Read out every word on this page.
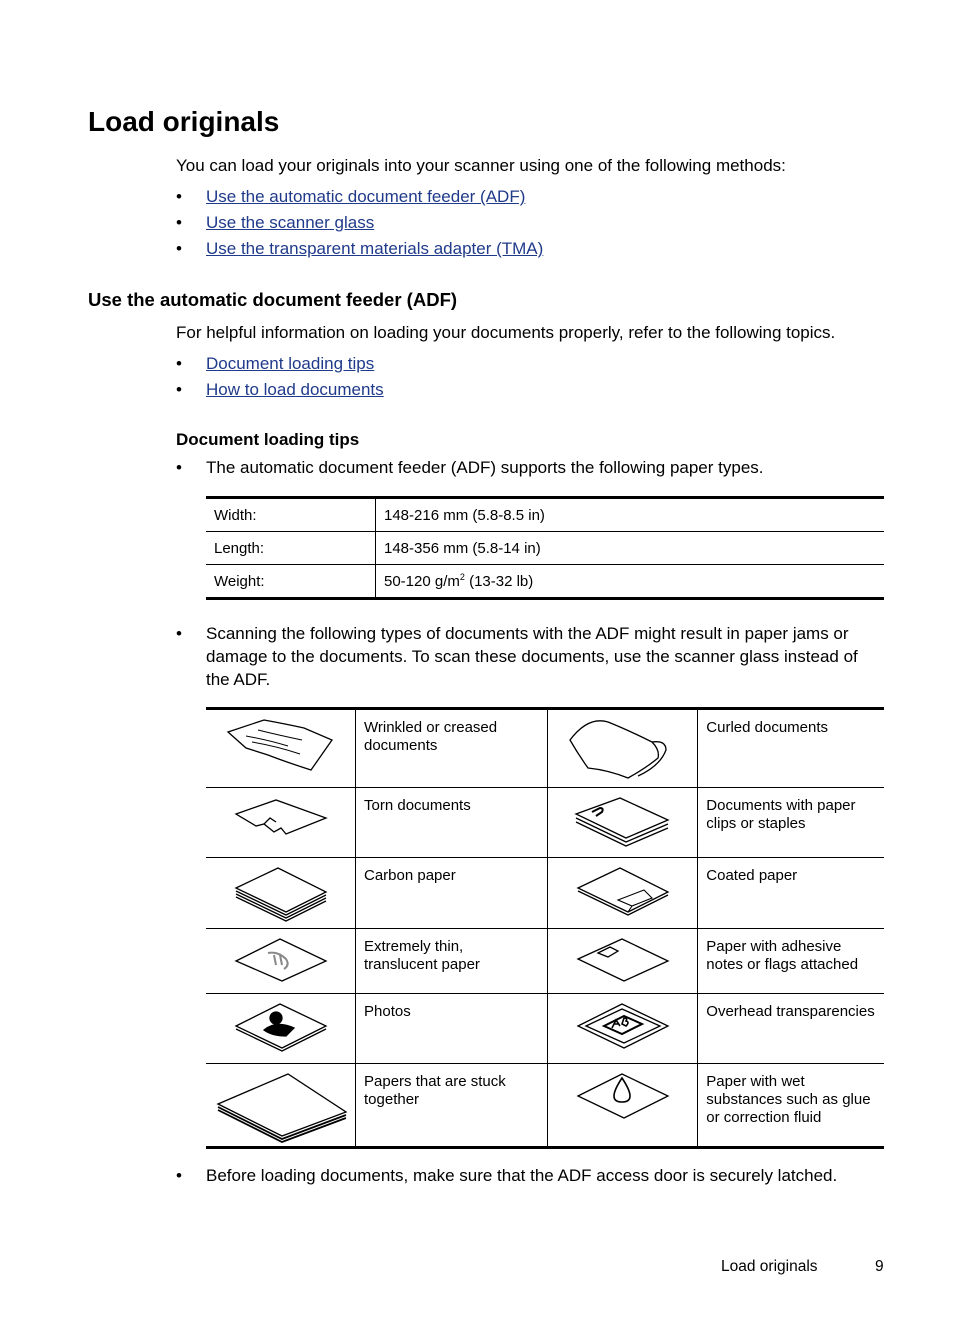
Load originals
You can load your originals into your scanner using one of the following methods:
• Use the automatic document feeder (ADF)
• Use the scanner glass
• Use the transparent materials adapter (TMA)
Use the automatic document feeder (ADF)
For helpful information on loading your documents properly, refer to the following topics.
• Document loading tips
• How to load documents
Document loading tips
• The automatic document feeder (ADF) supports the following paper types.
Width:	148-216 mm (5.8-8.5 in)
Length:	148-356 mm (5.8-14 in)
Weight:	50-120 $g/m^2$ (13-32 lb)
• Scanning the following types of documents with the ADF might result in paper jams or damage to the documents. To scan these documents, use the scanner glass instead of the ADF.
	Wrinkled or creased documents		Curled documents

	Torn documents		Documents with paper clips or staples

	Carbon paper		Coated paper

	Extremely thin, translucent paper		Paper with adhesive notes or flags attached

	Photos		Overhead transparencies

	Papers that are stuck together		Paper with wet substances such as glue or correction fluid
• Before loading documents, make sure that the ADF access door is securely latched.
Load originals	9
